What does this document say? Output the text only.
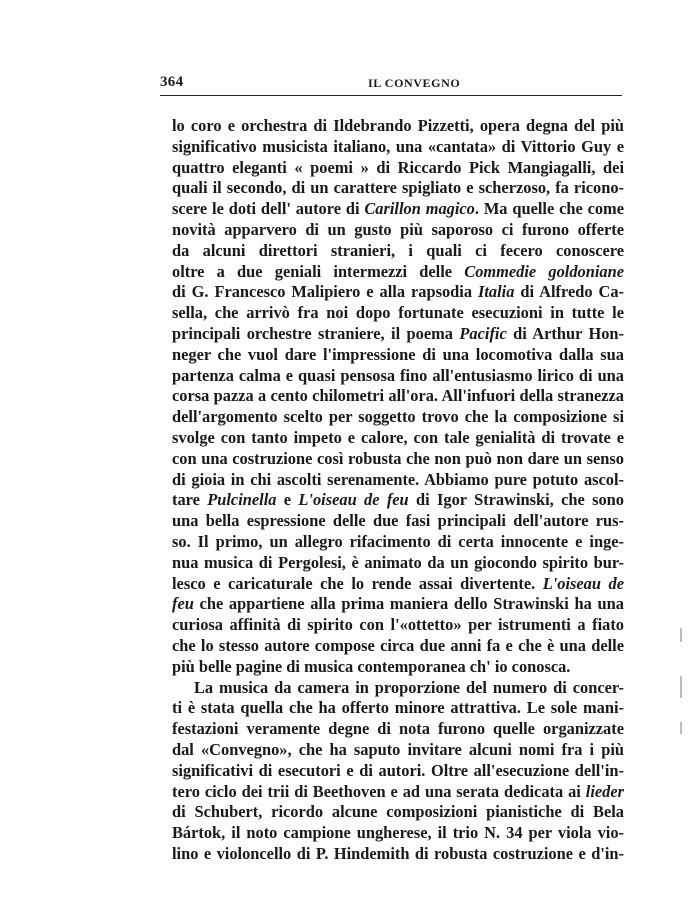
364	IL CONVEGNO
lo coro e orchestra di Ildebrando Pizzetti, opera degna del più
significativo musicista italiano, una «cantata» di Vittorio Guy e
quattro eleganti « poemi » di Riccardo Pick Mangiagalli, dei
quali il secondo, di un carattere spigliato e scherzoso, fa ricono-
scere le doti dell' autore di Carillon magico. Ma quelle che come
novità apparvero di un gusto più saporoso ci furono offerte
da alcuni direttori stranieri, i quali ci fecero conoscere
oltre a due geniali intermezzi delle Commedie goldoniane
di G. Francesco Malipiero e alla rapsodia Italia di Alfredo Ca-
sella, che arrivò fra noi dopo fortunate esecuzioni in tutte le
principali orchestre straniere, il poema Pacific di Arthur Hon-
neger che vuol dare l'impressione di una locomotiva dalla sua
partenza calma e quasi pensosa fino all'entusiasmo lirico di una
corsa pazza a cento chilometri all'ora. All'infuori della stranezza
dell'argomento scelto per soggetto trovo che la composizione si
svolge con tanto impeto e calore, con tale genialità di trovate e
con una costruzione così robusta che non può non dare un senso
di gioia in chi ascolti serenamente. Abbiamo pure potuto ascol-
tare Pulcinella e L'oiseau de feu di Igor Strawinski, che sono
una bella espressione delle due fasi principali dell'autore rus-
so. Il primo, un allegro rifacimento di certa innocente e inge-
nua musica di Pergolesi, è animato da un giocondo spirito bur-
lesco e caricaturale che lo rende assai divertente. L'oiseau de
feu che appartiene alla prima maniera dello Strawinski ha una
curiosa affinità di spirito con l'«ottetto» per istrumenti a fiato
che lo stesso autore compose circa due anni fa e che è una delle
più belle pagine di musica contemporanea ch' io conosca.
La musica da camera in proporzione del numero di concer-
ti è stata quella che ha offerto minore attrattiva. Le sole mani-
festazioni veramente degne di nota furono quelle organizzate
dal «Convegno», che ha saputo invitare alcuni nomi fra i più
significativi di esecutori e di autori. Oltre all'esecuzione dell'in-
tero ciclo dei trii di Beethoven e ad una serata dedicata ai lieder
di Schubert, ricordo alcune composizioni pianistiche di Bela
Bártok, il noto campione ungherese, il trio N. 34 per viola vio-
lino e violoncello di P. Hindemith di robusta costruzione e d'in-
